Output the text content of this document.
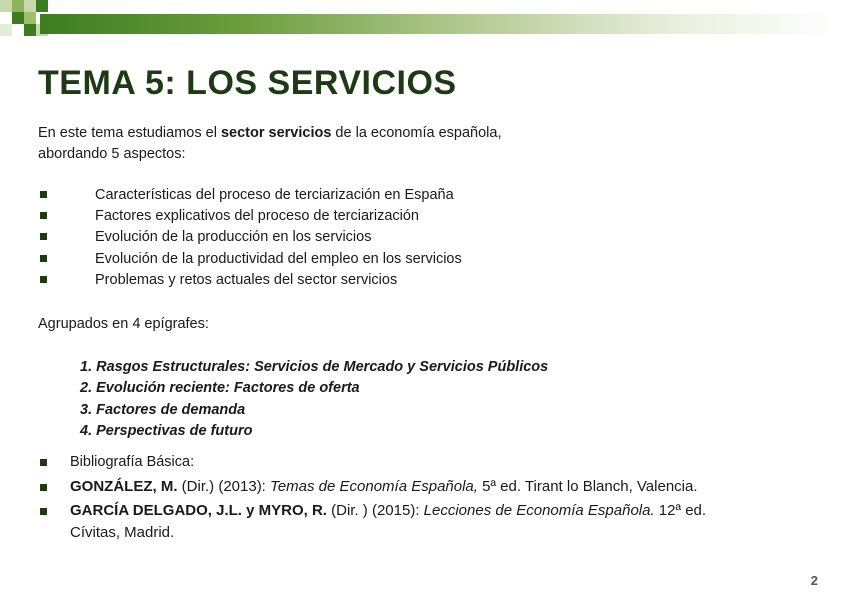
TEMA 5: LOS SERVICIOS
En este tema estudiamos el sector servicios de la economía española,
abordando 5 aspectos:
Características del proceso de terciarización en España
Factores explicativos del proceso de terciarización
Evolución de la producción en los servicios
Evolución de la productividad del empleo en los servicios
Problemas y retos actuales del sector servicios
Agrupados en 4 epígrafes:
1. Rasgos Estructurales: Servicios de Mercado y Servicios Públicos
2. Evolución reciente: Factores de oferta
3. Factores de demanda
4. Perspectivas de futuro
Bibliografía Básica:
GONZÁLEZ, M. (Dir.) (2013): Temas de Economía Española, 5ª ed. Tirant lo Blanch, Valencia.
GARCÍA DELGADO, J.L. y MYRO, R. (Dir. ) (2015): Lecciones de Economía Española. 12ª ed.
Cívitas, Madrid.
2
